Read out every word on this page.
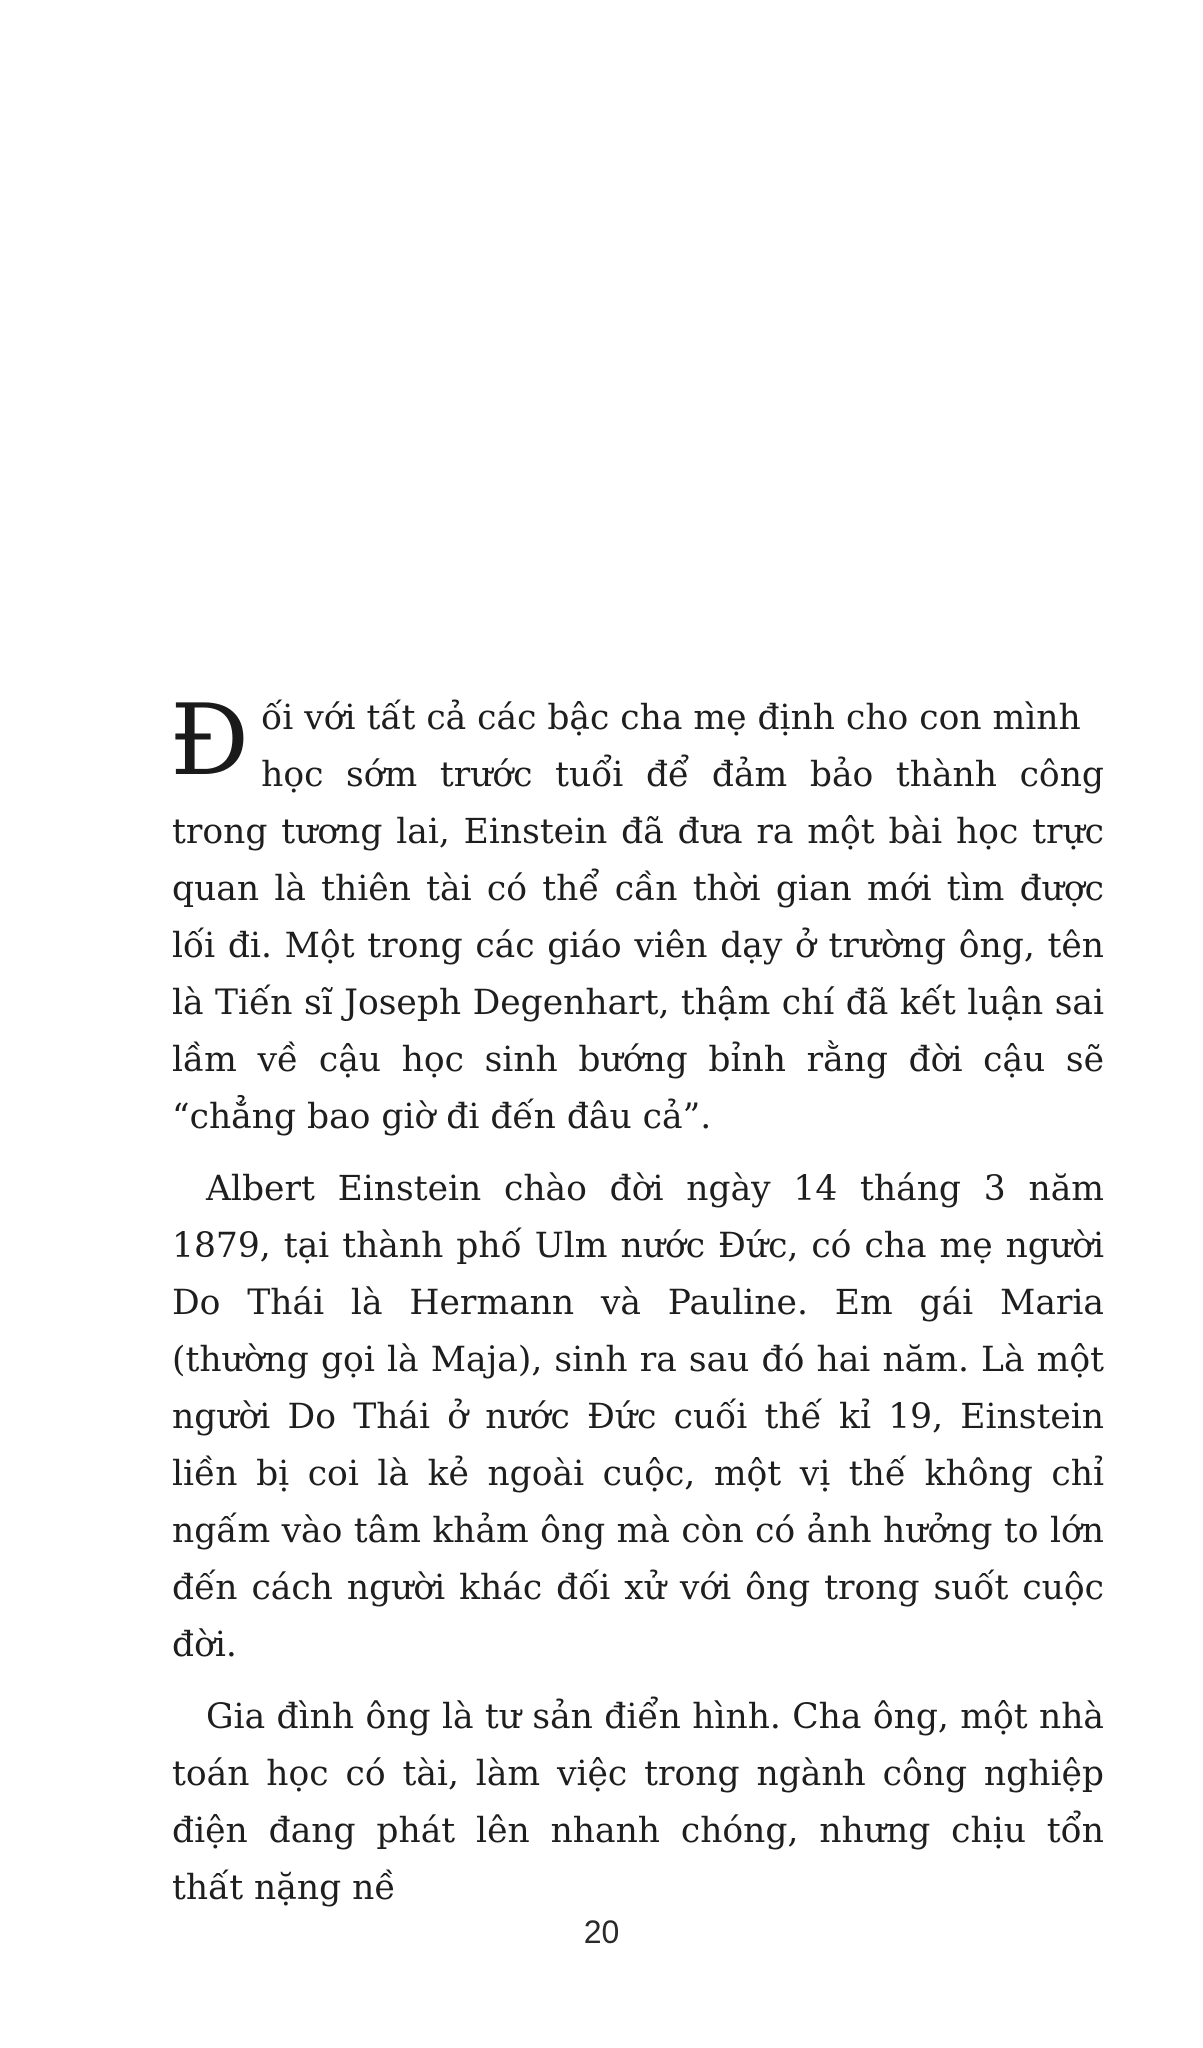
Đối với tất cả các bậc cha mẹ định cho con mình
học sớm trước tuổi để đảm bảo thành công trong tương lai, Einstein đã đưa ra một bài học trực quan là thiên tài có thể cần thời gian mới tìm được lối đi. Một trong các giáo viên dạy ở trường ông, tên là Tiến sĩ Joseph Degenhart, thậm chí đã kết luận sai lầm về cậu học sinh bướng bỉnh rằng đời cậu sẽ “chẳng bao giờ đi đến đâu cả”.

Albert Einstein chào đời ngày 14 tháng 3 năm 1879, tại thành phố Ulm nước Đức, có cha mẹ người Do Thái là Hermann và Pauline. Em gái Maria (thường gọi là Maja), sinh ra sau đó hai năm. Là một người Do Thái ở nước Đức cuối thế kỉ 19, Einstein liền bị coi là kẻ ngoài cuộc, một vị thế không chỉ ngấm vào tâm khảm ông mà còn có ảnh hưởng to lớn đến cách người khác đối xử với ông trong suốt cuộc đời.

Gia đình ông là tư sản điển hình. Cha ông, một nhà toán học có tài, làm việc trong ngành công nghiệp điện đang phát lên nhanh chóng, nhưng chịu tổn thất nặng nề

20
